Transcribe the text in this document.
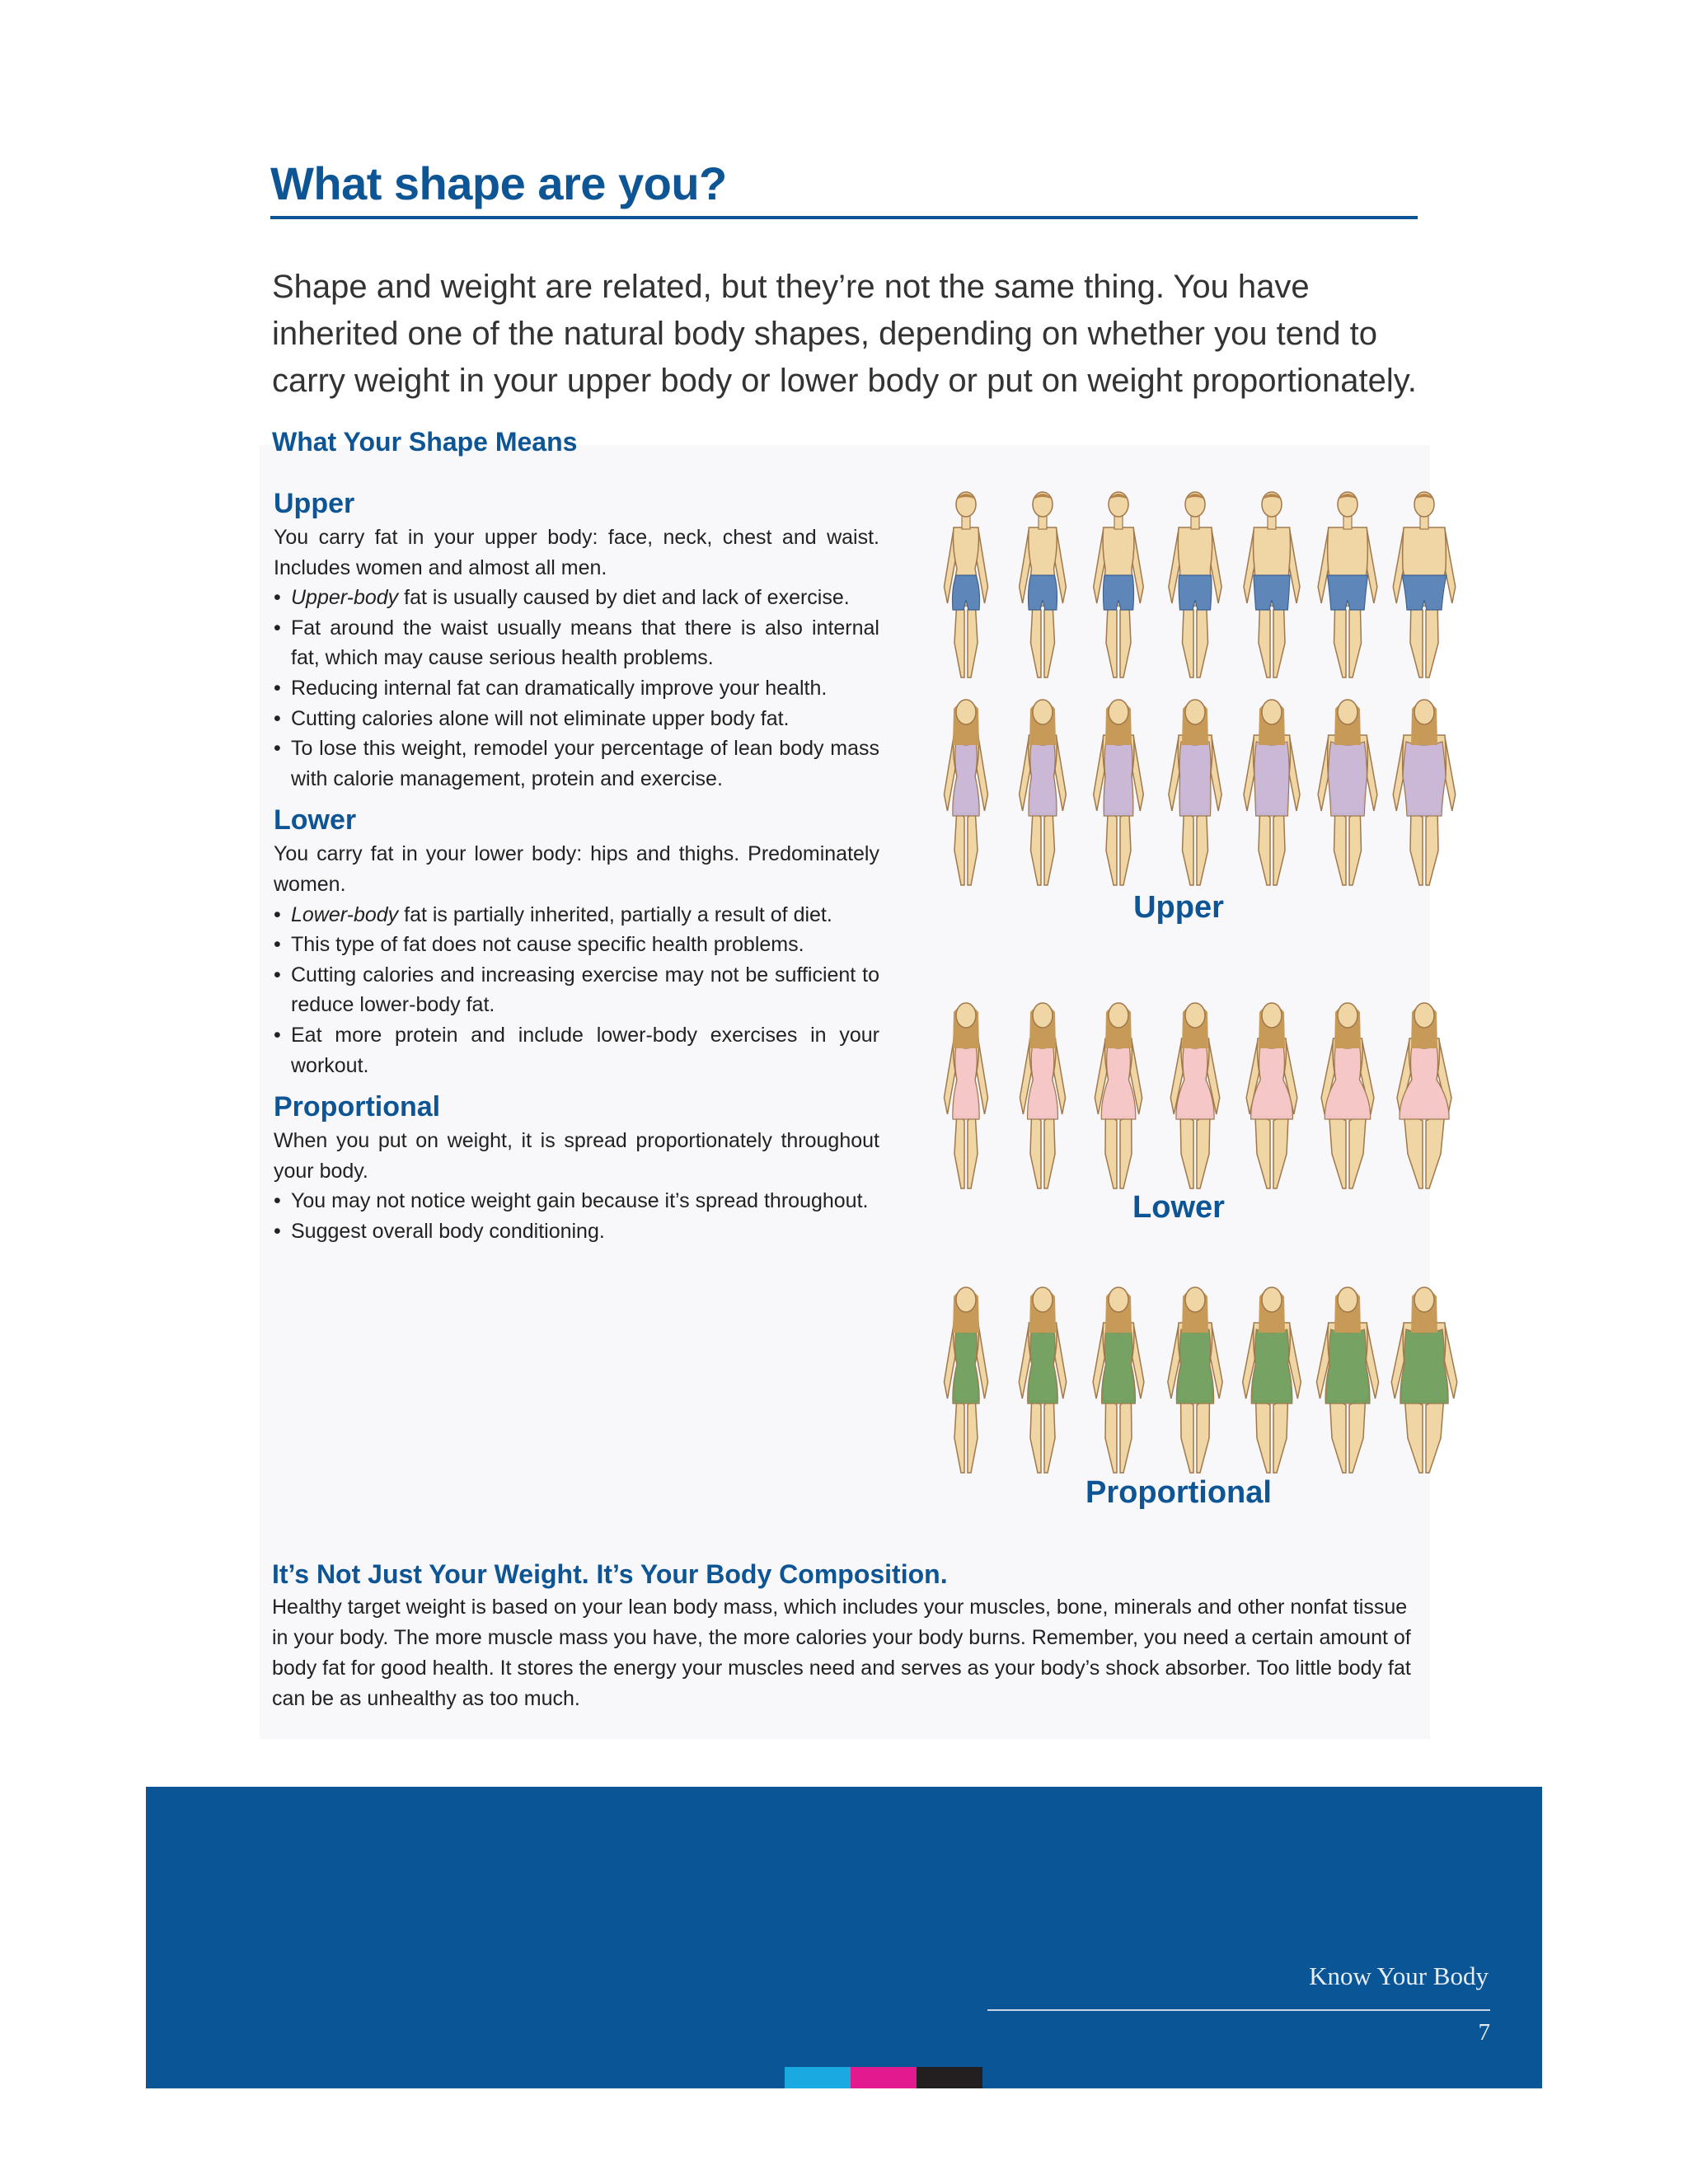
What shape are you?

Shape and weight are related, but they’re not the same thing. You have inherited one of the natural body shapes, depending on whether you tend to carry weight in your upper body or lower body or put on weight proportionately.

What Your Shape Means
Upper

You carry fat in your upper body: face, neck, chest and waist. Includes women and almost all men.

• Upper-body fat is usually caused by diet and lack of exercise.
• Fat around the waist usually means that there is also internal fat, which may cause serious health problems.
• Reducing internal fat can dramatically improve your health.
• Cutting calories alone will not eliminate upper body fat.
• To lose this weight, remodel your percentage of lean body mass with calorie management, protein and exercise.
Lower

You carry fat in your lower body: hips and thighs. Predominately women.

• Lower-body fat is partially inherited, partially a result of diet.
• This type of fat does not cause specific health problems.
• Cutting calories and increasing exercise may not be sufficient to reduce lower-body fat.
• Eat more protein and include lower-body exercises in your workout.
Proportional

When you put on weight, it is spread proportionately throughout your body.

• You may not notice weight gain because it’s spread throughout.
• Suggest overall body conditioning.
Upper
Lower
Proportional
It’s Not Just Your Weight. It’s Your Body Composition.

Healthy target weight is based on your lean body mass, which includes your muscles, bone, minerals and other nonfat tissue in your body. The more muscle mass you have, the more calories your body burns. Remember, you need a certain amount of body fat for good health. It stores the energy your muscles need and serves as your body’s shock absorber. Too little body fat can be as unhealthy as too much.

Know Your Body
7
